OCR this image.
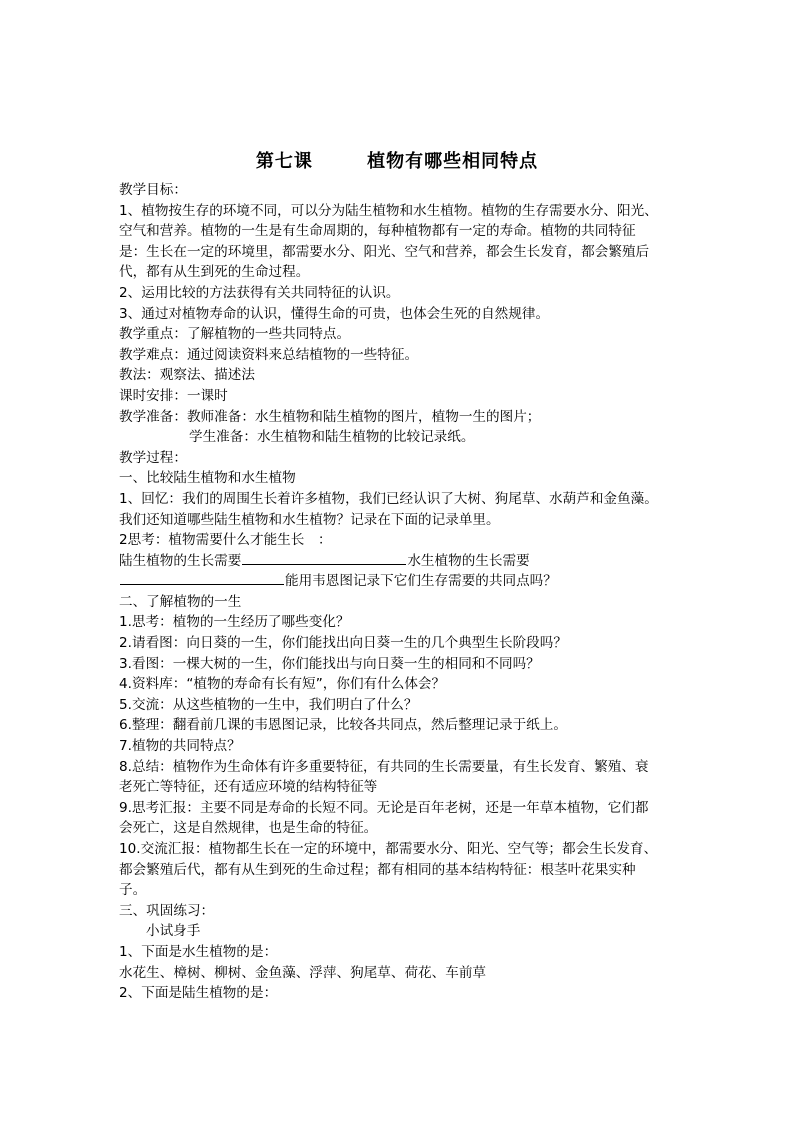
第七课　 植物有哪些相同特点
教学目标：
1、植物按生存的环境不同，可以分为陆生植物和水生植物。植物的生存需要水分、阳光、
空气和营养。植物的一生是有生命周期的，每种植物都有一定的寿命。植物的共同特征
是：生长在一定的环境里，都需要水分、阳光、空气和营养，都会生长发育，都会繁殖后
代，都有从生到死的生命过程。
2、运用比较的方法获得有关共同特征的认识。
3、通过对植物寿命的认识，懂得生命的可贵，也体会生死的自然规律。
教学重点：了解植物的一些共同特点。
教学难点：通过阅读资料来总结植物的一些特征。
教法：观察法、描述法
课时安排：一课时
教学准备：教师准备：水生植物和陆生植物的图片，植物一生的图片；
学生准备：水生植物和陆生植物的比较记录纸。
教学过程：
一、比较陆生植物和水生植物
1、回忆：我们的周围生长着许多植物，我们已经认识了大树、狗尾草、水葫芦和金鱼藻。
我们还知道哪些陆生植物和水生植物？记录在下面的记录单里。
2思考：植物需要什么才能生长　：
陆生植物的生长需要	水生植物的生长需要
能用韦恩图记录下它们生存需要的共同点吗？
二、了解植物的一生
1.思考：植物的一生经历了哪些变化？
2.请看图：向日葵的一生，你们能找出向日葵一生的几个典型生长阶段吗？
3.看图：一棵大树的一生，你们能找出与向日葵一生的相同和不同吗？
4.资料库：“植物的寿命有长有短”，你们有什么体会？
5.交流：从这些植物的一生中，我们明白了什么？
6.整理：翻看前几课的韦恩图记录，比较各共同点，然后整理记录于纸上。
7.植物的共同特点？
8.总结：植物作为生命体有许多重要特征，有共同的生长需要量，有生长发育、繁殖、衰
老死亡等特征，还有适应环境的结构特征等
9.思考汇报：主要不同是寿命的长短不同。无论是百年老树，还是一年草本植物，它们都
会死亡，这是自然规律，也是生命的特征。
10.交流汇报：植物都生长在一定的环境中，都需要水分、阳光、空气等；都会生长发育、
都会繁殖后代，都有从生到死的生命过程；都有相同的基本结构特征：根茎叶花果实种
子。
三、巩固练习：
小试身手
1、下面是水生植物的是：
水花生、樟树、柳树、金鱼藻、浮萍、狗尾草、荷花、车前草
2、下面是陆生植物的是：
